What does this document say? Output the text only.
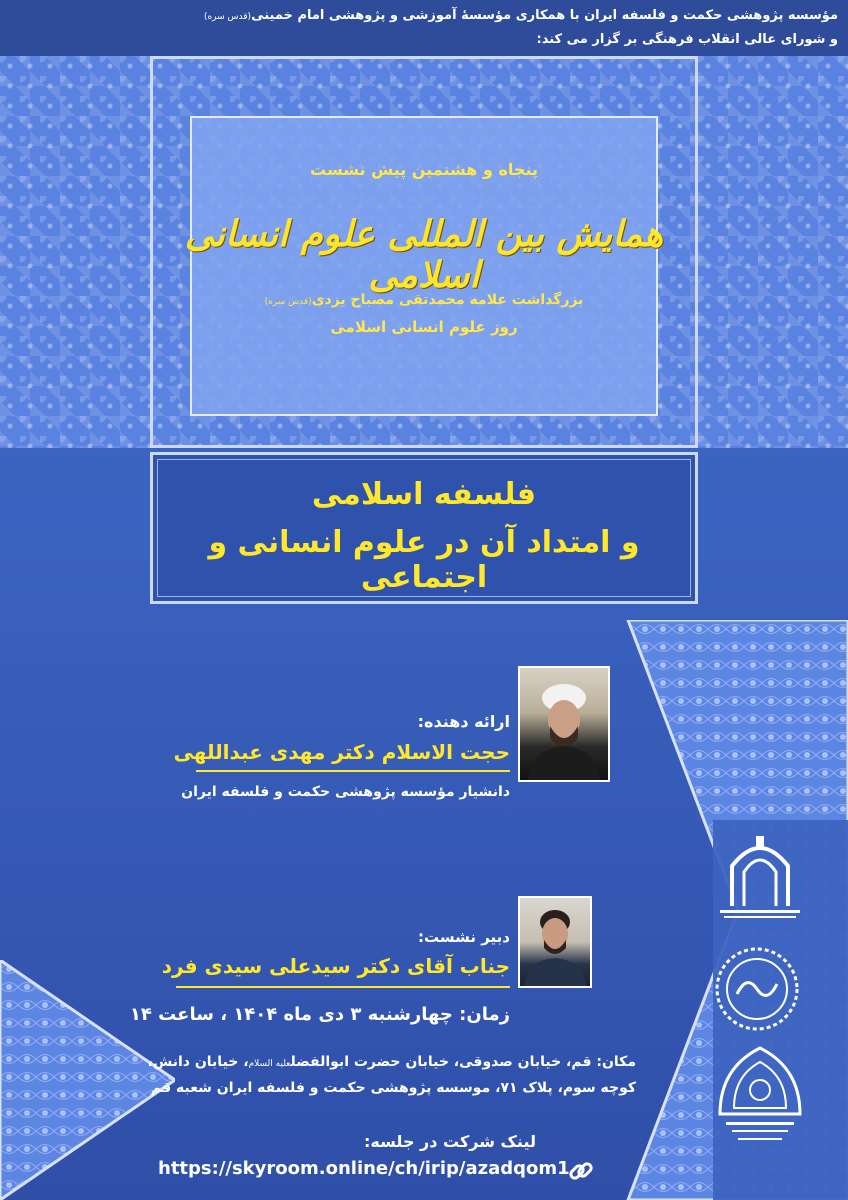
مؤسسه پژوهشی حکمت و فلسفه ایران با همکاری مؤسسهٔ آموزشی و پژوهشی امام خمینی(قدس سره)
و شورای عالی انقلاب فرهنگی بر گزار می کند:
پنجاه و هشتمین پیش نشست
همایش بین المللی علوم انسانی اسلامی
بزرگداشت علامه محمدتقی مصباح یزدی(قدس سره)
روز علوم انسانی اسلامی
فلسفه اسلامی
و امتداد آن در علوم انسانی و اجتماعی
ارائه دهنده:
حجت الاسلام دکتر مهدی عبداللهی
دانشیار مؤسسه پژوهشی حکمت و فلسفه ایران
دبیر نشست:
جناب آقای دکتر سیدعلی سیدی فرد
زمان: چهارشنبه ۳ دی ماه ۱۴۰۴ ، ساعت ۱۴
مکان: قم، خیابان صدوقی، خیابان حضرت ابوالفضلعلیه السلام، خیابان دانش،
کوچه سوم، پلاک ۷۱، موسسه پژوهشی حکمت و فلسفه ایران شعبه قم
لینک شرکت در جلسه:
https://skyroom.online/ch/irip/azadqom1
